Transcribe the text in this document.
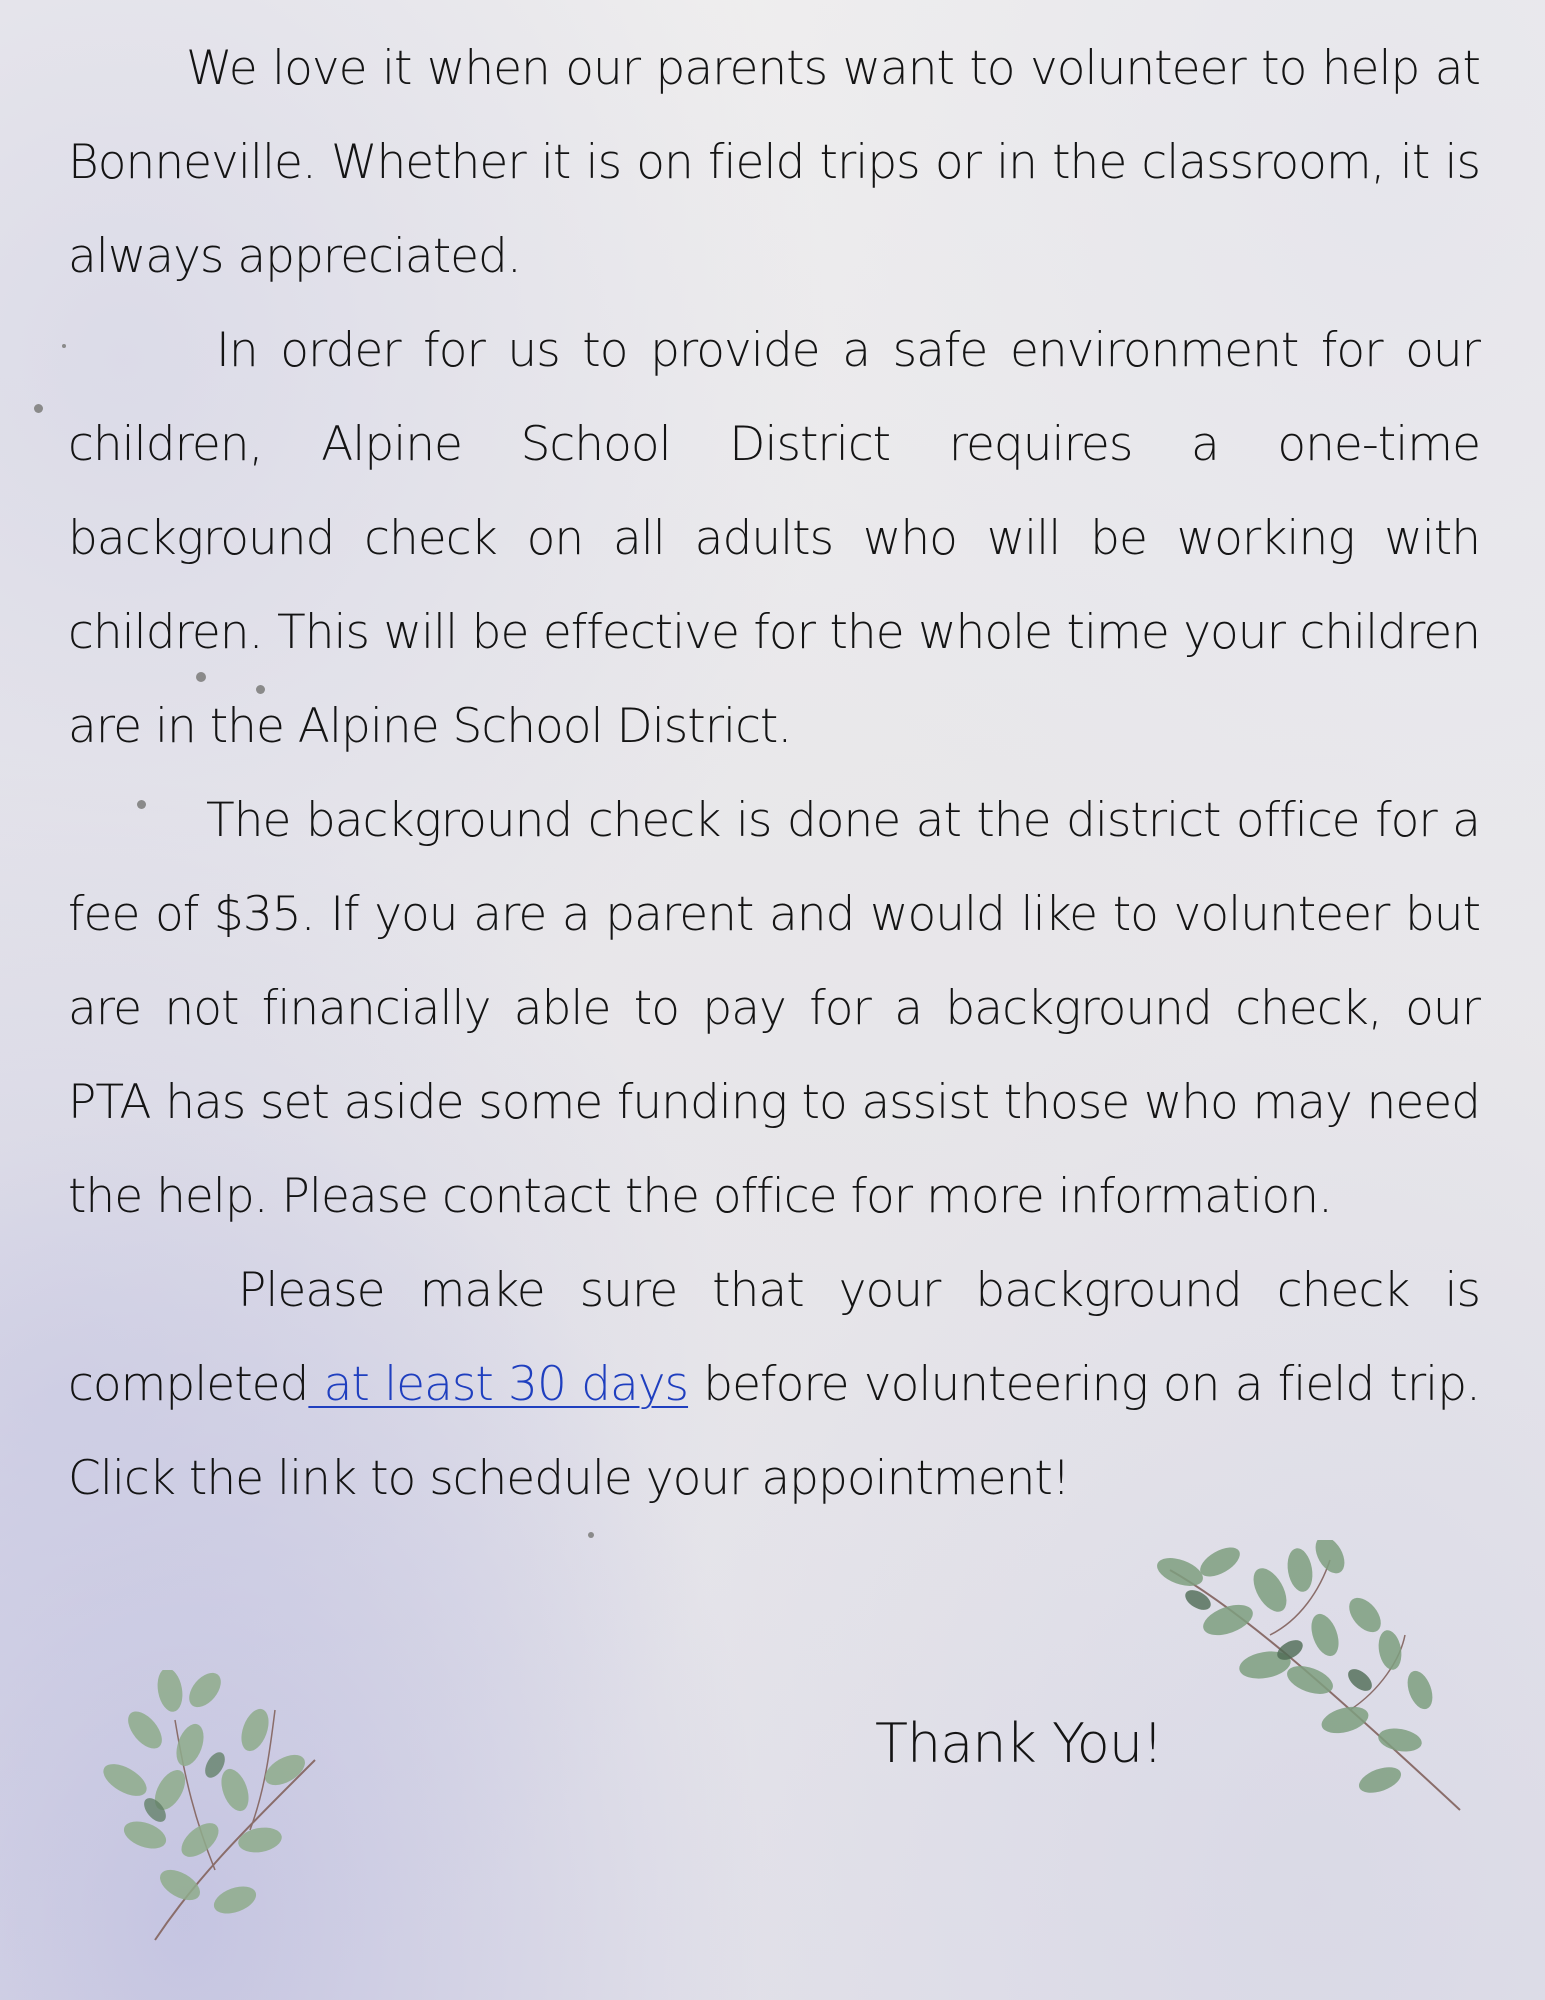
We love it when our parents want to volunteer to help at Bonneville. Whether it is on field trips or in the classroom, it is always appreciated.

In order for us to provide a safe environment for our children, Alpine School District requires a one-time background check on all adults who will be working with children. This will be effective for the whole time your children are in the Alpine School District.

The background check is done at the district office for a fee of $35. If you are a parent and would like to volunteer but are not financially able to pay for a background check, our PTA has set aside some funding to assist those who may need the help. Please contact the office for more information.

Please make sure that your background check is completed at least 30 days before volunteering on a field trip. Click the link to schedule your appointment!

Thank You!
